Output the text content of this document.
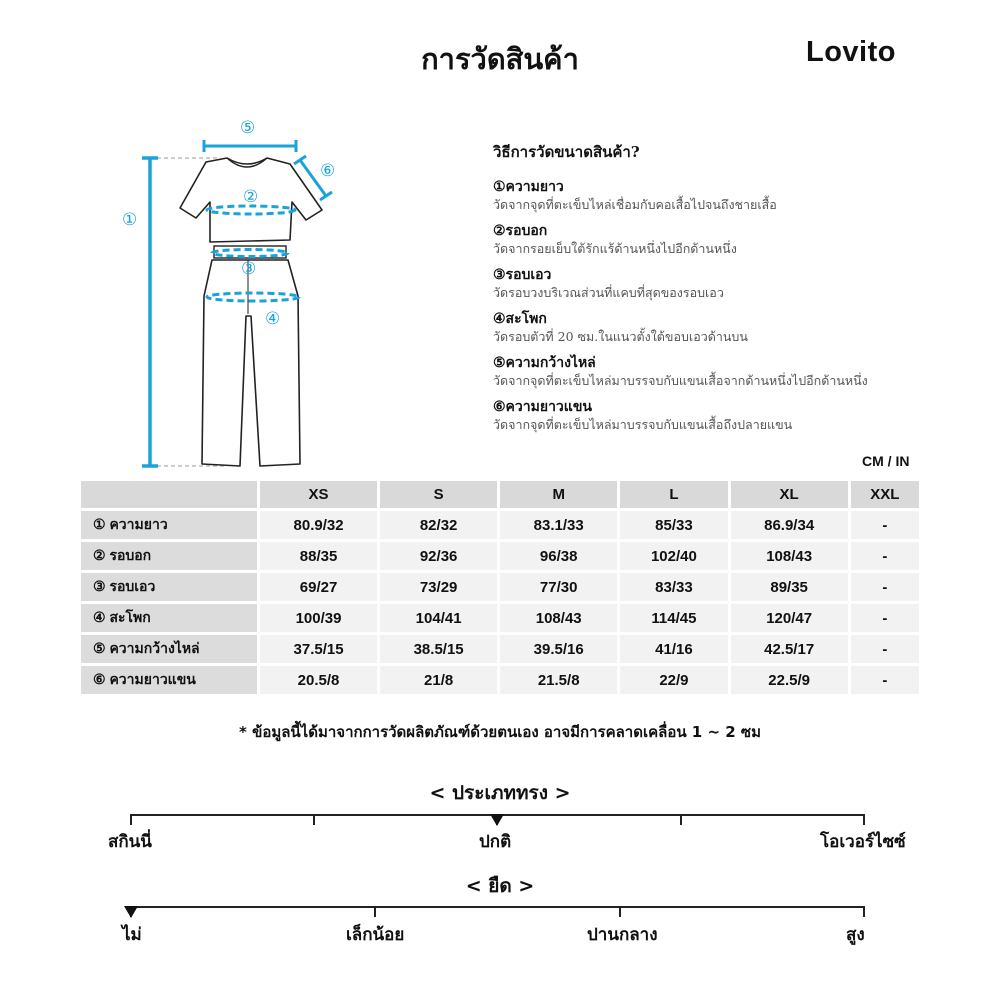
การวัดสินค้า	Lovito
①
②
③
④
⑤
⑥
วิธีการวัดขนาดสินค้า?
①ความยาว
วัดจากจุดที่ตะเข็บไหล่เชื่อมกับคอเสื้อไปจนถึงชายเสื้อ
②รอบอก
วัดจากรอยเย็บใต้รักแร้ด้านหนึ่งไปอีกด้านหนึ่ง
③รอบเอว
วัดรอบวงบริเวณส่วนที่แคบที่สุดของรอบเอว
④สะโพก
วัดรอบตัวที่ 20 ซม.ในแนวตั้งใต้ขอบเอวด้านบน
⑤ความกว้างไหล่
วัดจากจุดที่ตะเข็บไหล่มาบรรจบกับแขนเสื้อจากด้านหนึ่งไปอีกด้านหนึ่ง
⑥ความยาวแขน
วัดจากจุดที่ตะเข็บไหล่มาบรรจบกับแขนเสื้อถึงปลายแขน
CM / IN
	XS	S	M	L	XL	XXL
① ความยาว	80.9/32	82/32	83.1/33	85/33	86.9/34	-
② รอบอก	88/35	92/36	96/38	102/40	108/43	-
③ รอบเอว	69/27	73/29	77/30	83/33	89/35	-
④ สะโพก	100/39	104/41	108/43	114/45	120/47	-
⑤ ความกว้างไหล่	37.5/15	38.5/15	39.5/16	41/16	42.5/17	-
⑥ ความยาวแขน	20.5/8	21/8	21.5/8	22/9	22.5/9	-
* ข้อมูลนี้ได้มาจากการวัดผลิตภัณฑ์ด้วยตนเอง อาจมีการคลาดเคลื่อน 1 ~ 2 ซม
< ประเภททรง >
สกินนี่	ปกติ	โอเวอร์ไซซ์
< ยืด >
ไม่	เล็กน้อย	ปานกลาง	สูง
